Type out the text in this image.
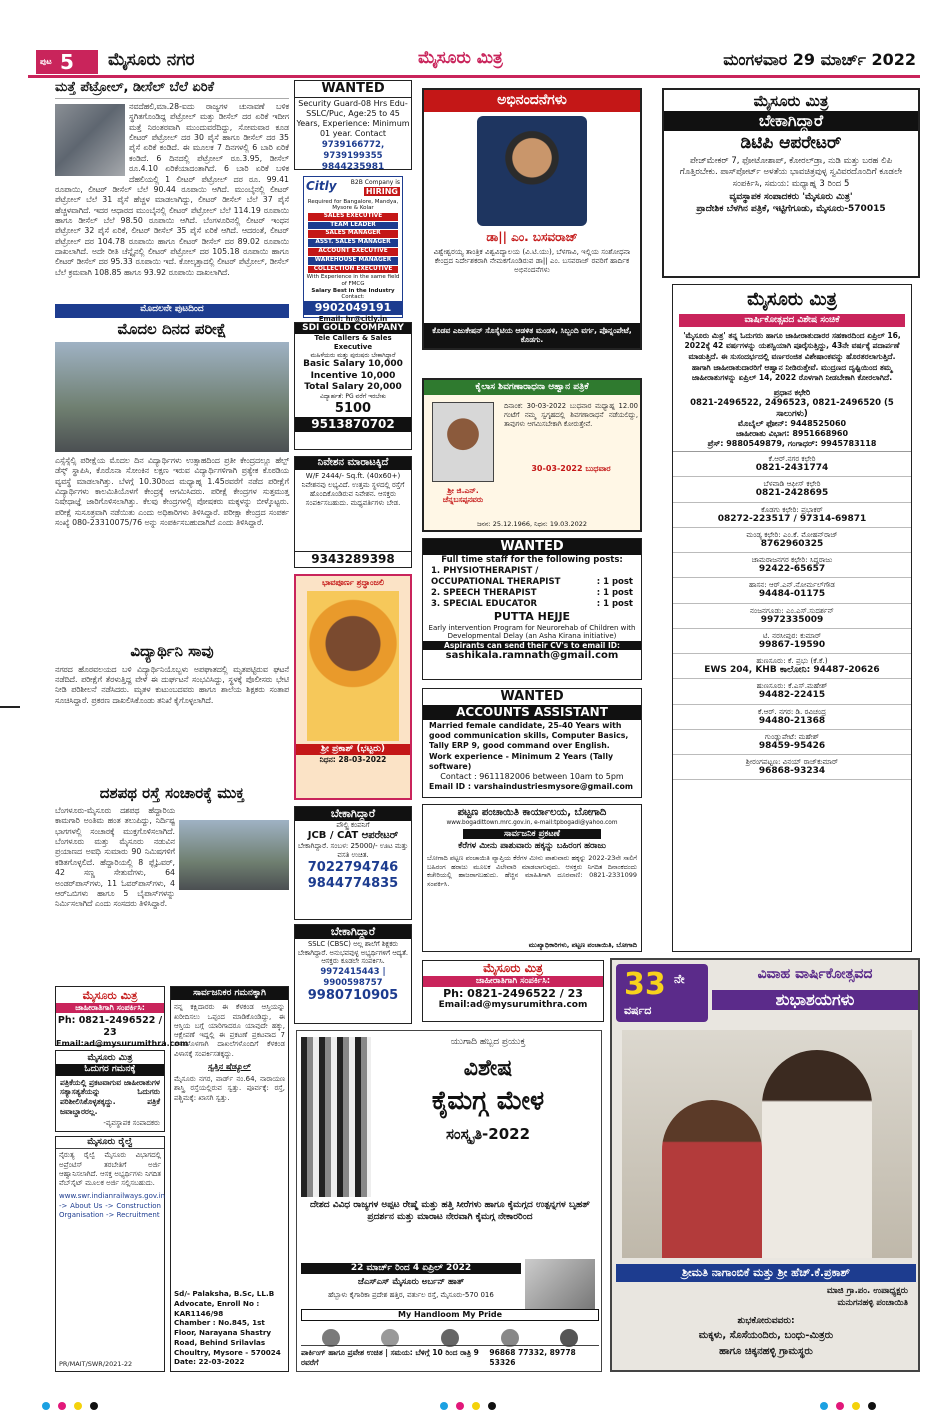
ಪುಟ 5 ಮೈಸೂರು ನಗರ	ಮೈಸೂರು ಮಿತ್ರ	ಮಂಗಳವಾರ 29 ಮಾರ್ಚ್ 2022
ಮತ್ತೆ ಪೆಟ್ರೋಲ್, ಡೀಸೆಲ್ ಬೆಲೆ ಏರಿಕೆ
ನವದೆಹಲಿ,ಮಾ.28-ಐದು ರಾಜ್ಯಗಳ ಚುನಾವಣೆ ಬಳಿಕ ಸ್ಥಗಿತಗೊಂಡಿದ್ದ ಪೆಟ್ರೋಲ್ ಮತ್ತು ಡೀಸೆಲ್ ದರ ಏರಿಕೆ ಇದೀಗ ಮತ್ತೆ ನಿರಂತರವಾಗಿ ಮುಂದುವರೆದಿದ್ದು, ಸೋಮವಾರ ಕೂಡ ಲೀಟರ್ ಪೆಟ್ರೋಲ್ ದರ 30 ಪೈಸೆ ಹಾಗೂ ಡೀಸೆಲ್ ದರ 35 ಪೈಸೆ ಏರಿಕೆ ಕಂಡಿದೆ. ಈ ಮೂಲಕ 7 ದಿನಗಳಲ್ಲಿ 6 ಬಾರಿ ಏರಿಕೆ ಕಂಡಿದೆ. 6 ದಿನದಲ್ಲಿ ಪೆಟ್ರೋಲ್ ರೂ.3.95, ಡೀಸೆಲ್ ರೂ.4.10 ಏರಿಕೆಯಾದಂತಾಗಿದೆ. 6 ಬಾರಿ ಏರಿಕೆ ಬಳಿಕ ದೆಹಲಿಯಲ್ಲಿ 1 ಲೀಟರ್ ಪೆಟ್ರೋಲ್ ದರ ರೂ. 99.41 ರೂಪಾಯಿ, ಲೀಟರ್ ಡೀಸೆಲ್ ಬೆಲೆ 90.44 ರೂಪಾಯಿ ಆಗಿದೆ. ಮುಂಬೈನಲ್ಲಿ ಲೀಟರ್ ಪೆಟ್ರೋಲ್ ಬೆಲೆ 31 ಪೈಸೆ ಹೆಚ್ಚಳ ಮಾಡಲಾಗಿದ್ದು, ಲೀಟರ್ ಡೀಸೆಲ್ ಬೆಲೆ 37 ಪೈಸೆ ಹೆಚ್ಚಳವಾಗಿದೆ. ಇದರ ಆಧಾರದ ಮುಂಬೈನಲ್ಲಿ ಲೀಟರ್ ಪೆಟ್ರೋಲ್ ಬೆಲೆ 114.19 ರೂಪಾಯಿ ಹಾಗೂ ಡೀಸೆಲ್ ಬೆಲೆ 98.50 ರೂಪಾಯಿ ಆಗಿದೆ. ಬೆಂಗಳೂರಿನಲ್ಲಿ ಲೀಟರ್ ಇಂಧನ ಪೆಟ್ರೋಲ್ 32 ಪೈಸೆ ಏರಿಕೆ, ಲೀಟರ್ ಡೀಸೆಲ್ 35 ಪೈಸೆ ಏರಿಕೆ ಆಗಿದೆ. ಆದರಂತೆ, ಲೀಟರ್ ಪೆಟ್ರೋಲ್ ದರ 104.78 ರೂಪಾಯಿ ಹಾಗೂ ಲೀಟರ್ ಡೀಸೆಲ್ ದರ 89.02 ರೂಪಾಯಿ ದಾಖಲಾಗಿದೆ. ಅದೇ ರೀತಿ ಚೆನ್ನೈನಲ್ಲಿ ಲೀಟರ್ ಪೆಟ್ರೋಲ್ ದರ 105.18 ರೂಪಾಯಿ ಹಾಗೂ ಲೀಟರ್ ಡೀಸೆಲ್ ದರ 95.33 ರೂಪಾಯಿ ಇದೆ. ಕೋಲ್ಕತ್ತಾದಲ್ಲಿ ಲೀಟರ್ ಪೆಟ್ರೋಲ್, ಡೀಸೆಲ್ ಬೆಲೆ ಕ್ರಮವಾಗಿ 108.85 ಹಾಗೂ 93.92 ರೂಪಾಯಿ ದಾಖಲಾಗಿದೆ.
ಮೊದಲನೇ ಪುಟದಿಂದ
ಮೊದಲ ದಿನದ ಪರೀಕ್ಷೆ
ಎಸ್ಸೆಸ್ಸೆಲ್ಸಿ ಪರೀಕ್ಷೆಯ ಮೊದಲ ದಿನ ವಿದ್ಯಾರ್ಥಿಗಳು ಉತ್ಸಾಹದಿಂದ ಪ್ರತೀ ಕೇಂದ್ರದಲ್ಲೂ ಹೆಲ್ಪ್ ಡೆಸ್ಕ್ ಸ್ಥಾಪಿಸಿ, ಕೊರೊನಾ ಸೋಂಕಿನ ಲಕ್ಷಣ ಇರುವ ವಿದ್ಯಾರ್ಥಿಗಳಿಗಾಗಿ ಪ್ರತ್ಯೇಕ ಕೊಠಡಿಯ ವ್ಯವಸ್ಥೆ ಮಾಡಲಾಗಿತ್ತು. ಬೆಳಗ್ಗೆ 10.30ರಿಂದ ಮಧ್ಯಾಹ್ನ 1.45ರವರೆಗೆ ನಡೆದ ಪರೀಕ್ಷೆಗೆ ವಿದ್ಯಾರ್ಥಿಗಳು ಕಾಲಮಿತಿಯೊಳಗೆ ಕೇಂದ್ರಕ್ಕೆ ಆಗಮಿಸಿದರು. ಪರೀಕ್ಷೆ ಕೇಂದ್ರಗಳ ಸುತ್ತಮುತ್ತ ನಿಷೇಧಾಜ್ಞೆ ಜಾರಿಗೊಳಿಸಲಾಗಿತ್ತು. ಕೆಲವು ಕೇಂದ್ರಗಳಲ್ಲಿ ಪೋಷಕರು ಮಕ್ಕಳನ್ನು ಬೀಳ್ಕೊಟ್ಟರು. ಪರೀಕ್ಷೆ ಸುಸೂತ್ರವಾಗಿ ನಡೆಯಿತು ಎಂದು ಅಧಿಕಾರಿಗಳು ತಿಳಿಸಿದ್ದಾರೆ. ಪರೀಕ್ಷಾ ಕೇಂದ್ರದ ಸಂಪರ್ಕ ಸಂಖ್ಯೆ 080-23310075/76 ಅನ್ನು ಸಂಪರ್ಕಿಸಬಹುದಾಗಿದೆ ಎಂದು ತಿಳಿಸಿದ್ದಾರೆ.
ವಿದ್ಯಾರ್ಥಿನಿ ಸಾವು
ನಗರದ ಹೊರವಲಯದ ಬಳಿ ವಿದ್ಯಾರ್ಥಿನಿಯೊಬ್ಬಳು ಅಪಘಾತದಲ್ಲಿ ಮೃತಪಟ್ಟಿರುವ ಘಟನೆ ನಡೆದಿದೆ. ಪರೀಕ್ಷೆಗೆ ತೆರಳುತ್ತಿದ್ದ ವೇಳೆ ಈ ದುರ್ಘಟನೆ ಸಂಭವಿಸಿದ್ದು, ಸ್ಥಳಕ್ಕೆ ಪೊಲೀಸರು ಭೇಟಿ ನೀಡಿ ಪರಿಶೀಲನೆ ನಡೆಸಿದರು. ಮೃತಳ ಕುಟುಂಬದವರು ಹಾಗೂ ಶಾಲೆಯ ಶಿಕ್ಷಕರು ಸಂತಾಪ ಸೂಚಿಸಿದ್ದಾರೆ. ಪ್ರಕರಣ ದಾಖಲಿಸಿಕೊಂಡು ತನಿಖೆ ಕೈಗೊಳ್ಳಲಾಗಿದೆ.
ದಶಪಥ ರಸ್ತೆ ಸಂಚಾರಕ್ಕೆ ಮುಕ್ತ
ಬೆಂಗಳೂರು-ಮೈಸೂರು ದಶಪಥ ಹೆದ್ದಾರಿಯ ಕಾಮಗಾರಿ ಅಂತಿಮ ಹಂತ ತಲುಪಿದ್ದು, ನಿರ್ದಿಷ್ಟ ಭಾಗಗಳಲ್ಲಿ ಸಂಚಾರಕ್ಕೆ ಮುಕ್ತಗೊಳಿಸಲಾಗಿದೆ. ಬೆಂಗಳೂರು ಮತ್ತು ಮೈಸೂರು ನಡುವಿನ ಪ್ರಯಾಣದ ಅವಧಿ ಸುಮಾರು 90 ನಿಮಿಷಗಳಿಗೆ ಕಡಿತಗೊಳ್ಳಲಿದೆ. ಹೆದ್ದಾರಿಯಲ್ಲಿ 8 ಫ್ಲೈಓವರ್, 42 ಸಣ್ಣ ಸೇತುವೆಗಳು, 64 ಅಂಡರ್‌ಪಾಸ್‌ಗಳು, 11 ಓವರ್‌ಪಾಸ್‌ಗಳು, 4 ಆರ್‌ಒಬಿಗಳು ಹಾಗೂ 5 ಬೈಪಾಸ್‌ಗಳನ್ನು ನಿರ್ಮಿಸಲಾಗಿದೆ ಎಂದು ಸಂಸದರು ತಿಳಿಸಿದ್ದಾರೆ.
ಮೈಸೂರು ಮಿತ್ರ
ಜಾಹೀರಾತಿಗಾಗಿ ಸಂಪರ್ಕಿಸಿ:
Ph: 0821-2496522 / 23
Email:ad@mysurumithra.com
ಮೈಸೂರು ಮಿತ್ರ
ಓದುಗರ ಗಮನಕ್ಕೆ
ಪತ್ರಿಕೆಯಲ್ಲಿ ಪ್ರಕಟವಾಗುವ ಜಾಹೀರಾತುಗಳ ಸತ್ಯಾಸತ್ಯತೆಯನ್ನು ಓದುಗರು ಪರಿಶೀಲಿಸಿಕೊಳ್ಳತಕ್ಕದ್ದು. ಪತ್ರಿಕೆ ಜವಾಬ್ದಾರರಲ್ಲ.
-ವ್ಯವಸ್ಥಾಪಕ ಸಂಪಾದಕರು
ಮೈಸೂರು ರೈಲ್ವೆ
ನೈರುತ್ಯ ರೈಲ್ವೆ ಮೈಸೂರು ವಿಭಾಗದಲ್ಲಿ ಅಪ್ರೆಂಟಿಸ್ ತರಬೇತಿಗೆ ಅರ್ಜಿ ಆಹ್ವಾನಿಸಲಾಗಿದೆ. ಆಸಕ್ತ ಅಭ್ಯರ್ಥಿಗಳು ನಿಗದಿತ ವೆಬ್‌ಸೈಟ್ ಮೂಲಕ ಅರ್ಜಿ ಸಲ್ಲಿಸಬಹುದು.
www.swr.indianrailways.gov.in -> About Us -> Construction Organisation -> Recruitment
PR/MAIT/SWR/2021-22
ಸಾರ್ವಜನಿಕರ ಗಮನಕ್ಕಾಗಿ
ನನ್ನ ಕಕ್ಷಿದಾರರು ಈ ಕೆಳಕಂಡ ಆಸ್ತಿಯನ್ನು ಖರೀದಿಸಲು ಒಪ್ಪಂದ ಮಾಡಿಕೊಂಡಿದ್ದು, ಈ ಆಸ್ತಿಯ ಬಗ್ಗೆ ಯಾರಿಗಾದರೂ ಯಾವುದೇ ಹಕ್ಕು, ಆಕ್ಷೇಪಣೆ ಇದ್ದಲ್ಲಿ ಈ ಪ್ರಕಟಣೆ ಪ್ರಕಟವಾದ 7 ದಿನಗಳೊಳಗಾಗಿ ದಾಖಲೆಗಳೊಂದಿಗೆ ಕೆಳಕಂಡ ವಿಳಾಸಕ್ಕೆ ಸಂಪರ್ಕಿಸತಕ್ಕದ್ದು.
ಸ್ವತ್ತಿನ ಷೆಡ್ಯೂಲ್
ಮೈಸೂರು ನಗರ, ವಾರ್ಡ್ ನಂ.64, ನಾರಾಯಣ ಶಾಸ್ತ್ರಿ ರಸ್ತೆಯಲ್ಲಿರುವ ಸ್ವತ್ತು. ಪೂರ್ವಕ್ಕೆ: ರಸ್ತೆ, ಪಶ್ಚಿಮಕ್ಕೆ: ಖಾಸಗಿ ಸ್ವತ್ತು.
Sd/- Palaksha, B.Sc, LL.B
Advocate, Enroll No : KAR1146/98
Chamber : No.845, 1st Floor, Narayana Shastry Road, Behind Srilavlas Choultry, Mysore - 570024
Date: 22-03-2022
WANTED
Security Guard-08 Hrs Edu-SSLC/Puc, Age:25 to 45 Years, Experience: Minimum 01 year. Contact
9739166772, 9739199355
9844235981
Citly B2B Company is
HIRING
Required for Bangalore, Mandya, Mysore & Kolar
SALES EXECUTIVE
TEAM LEADER
SALES MANAGER
ASST. SALES MANAGER
ACCOUNT EXECUTIVE
WAREHOUSE MANAGER
COLLECTION EXECUTIVE
With Experience in the same field of FMCG
Salary Best in the Industry
Contact:
9902049191
Email: hr@citly.in
SDI GOLD COMPANY
Tele Callers & Sales Executive
ಮಹಿಳೆಯರು ಮತ್ತು ಪುರುಷರು ಬೇಕಾಗಿದ್ದಾರೆ
Basic Salary 10,000
Incentive 10,000
Total Salary 20,000
ವಿದ್ಯಾರ್ಹತೆ: PG ವರೆಗೆ ಇರಬೇಕು
5100
9513870702
ನಿವೇಶನ ಮಾರಾಟಕ್ಕಿದೆ
W/F 2444/- Sq.ft. (40x60+) ನಿವೇಶನವು ಲಭ್ಯವಿದೆ. ಉತ್ತಮ ಸ್ಥಳದಲ್ಲಿ ರಸ್ತೆಗೆ ಹೊಂದಿಕೊಂಡಿರುವ ನಿವೇಶನ. ಆಸಕ್ತರು ಸಂಪರ್ಕಿಸಬಹುದು. ಮಧ್ಯವರ್ತಿಗಳು ಬೇಡ.
9343289398
ಭಾವಪೂರ್ಣ ಶ್ರದ್ಧಾಂಜಲಿ
ಶ್ರೀ ಪ್ರಕಾಶ್ (ಭಟ್ಟರು)
ನಿಧನ: 28-03-2022
ಬೇಕಾಗಿದ್ದಾರೆ
ಪೌಲ್ಟ್ರಿ ಕಂಪನಿಗೆ
JCB / CAT ಆಪರೇಟರ್
ಬೇಕಾಗಿದ್ದಾರೆ. ಸಂಬಳ: 25000/- ಊಟ ಮತ್ತು ವಸತಿ ಉಚಿತ.
7022794746
9844774835
ಬೇಕಾಗಿದ್ದಾರೆ
SSLC (CBSC) ಅಲ್ಲ ಶಾಲೆಗೆ ಶಿಕ್ಷಕರು ಬೇಕಾಗಿದ್ದಾರೆ. ಅನುಭವವುಳ್ಳ ಅಭ್ಯರ್ಥಿಗಳಿಗೆ ಆದ್ಯತೆ. ಆಸಕ್ತರು ಕೂಡಲೇ ಸಂಪರ್ಕಿಸಿ.
9972415443 | 9900598757
9980710905
ಅಭಿನಂದನೆಗಳು
ಡಾ|| ಎಂ. ಬಸವರಾಜ್
ವಿಶ್ವೇಶ್ವರಯ್ಯ ತಾಂತ್ರಿಕ ವಿಶ್ವವಿದ್ಯಾಲಯ (ವಿ.ಟಿ.ಯು), ಬೆಳಗಾವಿ, ಇಲ್ಲಿಯ ಸಂಶೋಧನಾ ಕೇಂದ್ರದ ನಿರ್ದೇಶಕರಾಗಿ ನೇಮಕಗೊಂಡಿರುವ ಡಾ|| ಎಂ. ಬಸವರಾಜ್ ರವರಿಗೆ ಹಾರ್ದಿಕ ಅಭಿನಂದನೆಗಳು
ಕೊಡವ ಎಜುಕೇಷನ್ ಸೊಸೈಟಿಯ ಆಡಳಿತ ಮಂಡಳಿ, ಸಿಬ್ಬಂದಿ ವರ್ಗ, ಪೊನ್ನಂಪೇಟೆ, ಕೊಡಗು.
ಕೈಲಾಸ ಶಿವಗಣಾರಾಧನಾ ಆಹ್ವಾನ ಪತ್ರಿಕೆ
ಶ್ರೀ ಜಿ.ಎನ್. ಚೆನ್ನಬಸಪ್ಪನವರು
ದಿನಾಂಕ: 30-03-2022 ಬುಧವಾರ ಮಧ್ಯಾಹ್ನ 12.00 ಗಂಟೆಗೆ ನಮ್ಮ ಸ್ವಗೃಹದಲ್ಲಿ ಶಿವಗಣಾರಾಧನೆ ನಡೆಯಲಿದ್ದು, ತಾವುಗಳು ಆಗಮಿಸಬೇಕಾಗಿ ಕೋರುತ್ತೇವೆ.
30-03-2022 ಬುಧವಾರ
ಜನನ: 25.12.1966, ನಿಧನ: 19.03.2022
WANTED
Full time staff for the following posts:
1. PHYSIOTHERAPIST /
OCCUPATIONAL THERAPIST	: 1 post
2. SPEECH THERAPIST	: 1 post
3. SPECIAL EDUCATOR	: 1 post
PUTTA HEJJE
Early intervention Program for Neurorehab of Children with Developmental Delay (an Asha Kirana initiative)
Aspirants can send their CV's to email ID:
sashikala.ramnath@gmail.com
WANTED
ACCOUNTS ASSISTANT
Married female candidate, 25-40 Years with good communication skills, Computer Basics, Tally ERP 9, good command over English.
Work experience - Minimum 2 Years (Tally software)
Contact : 9611182006 between 10am to 5pm
Email ID : varshaindustriesmysore@gmail.com
ಪಟ್ಟಣ ಪಂಚಾಯಿತಿ ಕಾರ್ಯಾಲಯ, ಬೋಗಾದಿ
www.bogadittown.mrc.gov.in, e-mail:tpbogadi@yahoo.com
ಸಾರ್ವಜನಿಕ ಪ್ರಕಟಣೆ
ಕೆರೆಗಳ ಮೀನು ಪಾಶುವಾರು ಹಕ್ಕನ್ನು ಬಹಿರಂಗ ಹರಾಜು
ಬೋಗಾದಿ ಪಟ್ಟಣ ಪಂಚಾಯಿತಿ ವ್ಯಾಪ್ತಿಯ ಕೆರೆಗಳ ಮೀನು ಪಾಶುವಾರು ಹಕ್ಕನ್ನು 2022-23ನೇ ಸಾಲಿಗೆ ಬಹಿರಂಗ ಹರಾಜು ಮೂಲಕ ವಿಲೇವಾರಿ ಮಾಡಲಾಗುವುದು. ಆಸಕ್ತರು ನಿಗದಿತ ದಿನಾಂಕದಂದು ಕಚೇರಿಯಲ್ಲಿ ಹಾಜರಾಗಬಹುದು. ಹೆಚ್ಚಿನ ಮಾಹಿತಿಗಾಗಿ ದೂರವಾಣಿ: 0821-2331099 ಸಂಪರ್ಕಿಸಿ.
ಮುಖ್ಯಾಧಿಕಾರಿಗಳು, ಪಟ್ಟಣ ಪಂಚಾಯಿತಿ, ಬೋಗಾದಿ
ಮೈಸೂರು ಮಿತ್ರ
ಜಾಹೀರಾತಿಗಾಗಿ ಸಂಪರ್ಕಿಸಿ:
Ph: 0821-2496522 / 23
Email:ad@mysurumithra.com
ಯುಗಾದಿ ಹಬ್ಬದ ಪ್ರಯುಕ್ತ
ವಿಶೇಷ
ಕೈಮಗ್ಗ ಮೇಳ
ಸಂಸ್ಕೃತಿ-2022
ದೇಶದ ವಿವಿಧ ರಾಜ್ಯಗಳ ಅಪ್ಪಟ ರೇಷ್ಮೆ ಮತ್ತು ಹತ್ತಿ ಸೀರೆಗಳು ಹಾಗೂ ಕೈಮಗ್ಗದ ಉತ್ಪನ್ನಗಳ ಬೃಹತ್ ಪ್ರದರ್ಶನ ಮತ್ತು ಮಾರಾಟ ನೇರವಾಗಿ ಕೈಮಗ್ಗ ನೇಕಾರರಿಂದ
22 ಮಾರ್ಚ್ ರಿಂದ 4 ಏಪ್ರಿಲ್ 2022
ಜೆಎಸ್‌ಎಸ್ ಮೈಸೂರು ಅರ್ಬನ್ ಹಾತ್
ಹೆಬ್ಬಾಳು ಕೈಗಾರಿಕಾ ಪ್ರದೇಶ ಹತ್ತಿರ, ವರ್ತುಲ ರಸ್ತೆ, ಮೈಸೂರು-570 016
My Handloom My Pride
ಪಾರ್ಕಿಂಗ್ ಹಾಗೂ ಪ್ರವೇಶ ಉಚಿತ | ಸಮಯ: ಬೆಳಿಗ್ಗೆ 10 ರಿಂದ ರಾತ್ರಿ 9 ರವರೆಗೆ
96868 77332, 89778 53326
ಮೈಸೂರು ಮಿತ್ರ
ಬೇಕಾಗಿದ್ದಾರೆ
ಡಿಟಿಪಿ ಆಪರೇಟರ್
ಪೇಜ್‌ಮೇಕರ್ 7, ಫೋಟೋಶಾಪ್, ಕೋರಲ್‌ಡ್ರಾ, ನುಡಿ ಮತ್ತು ಬರಹ ಲಿಪಿ ಗೊತ್ತಿರಬೇಕು. ಪಾಸ್‌ಪೋರ್ಟ್ ಅಳತೆಯ ಭಾವಚಿತ್ರವುಳ್ಳ ಸ್ವವಿವರದೊಂದಿಗೆ ಕೂಡಲೇ ಸಂಪರ್ಕಿಸಿ, ಸಮಯ: ಮಧ್ಯಾಹ್ನ 3 ರಿಂದ 5
ವ್ಯವಸ್ಥಾಪಕ ಸಂಪಾದಕರು 'ಮೈಸೂರು ಮಿತ್ರ'
ಪ್ರಾದೇಶಿಕ ಬೆಳಗಿನ ಪತ್ರಿಕೆ, ಇಟ್ಟಿಗೆಗೂಡು, ಮೈಸೂರು-570015
ಮೈಸೂರು ಮಿತ್ರ
ವಾರ್ಷಿಕೋತ್ಸವದ ವಿಶೇಷ ಸಂಚಿಕೆ
'ಮೈಸೂರು ಮಿತ್ರ' ತನ್ನ ಓದುಗರು ಹಾಗೂ ಜಾಹೀರಾತುದಾರರ ಸಹಕಾರದಿಂದ ಏಪ್ರಿಲ್ 16, 2022ಕ್ಕೆ 42 ವರ್ಷಗಳನ್ನು ಯಶಸ್ವಿಯಾಗಿ ಪೂರೈಸುತ್ತಿದ್ದು, 43ನೇ ವರ್ಷಕ್ಕೆ ಪದಾರ್ಪಣೆ ಮಾಡುತ್ತಿದೆ. ಈ ಸುಸಂದರ್ಭದಲ್ಲಿ ವರ್ಣರಂಜಿತ ವಿಶೇಷಾಂಕವನ್ನು ಹೊರತರಲಾಗುತ್ತಿದೆ. ಹಾಗಾಗಿ ಜಾಹೀರಾತುದಾರರಿಗೆ ಆಹ್ವಾನ ನೀಡಿರುತ್ತೇವೆ. ಮುದ್ರಣದ ದೃಷ್ಟಿಯಿಂದ ತಮ್ಮ ಜಾಹೀರಾತುಗಳನ್ನು ಏಪ್ರಿಲ್ 14, 2022 ರೊಳಗಾಗಿ ನೀಡಬೇಕಾಗಿ ಕೋರಲಾಗಿದೆ.
ಪ್ರಧಾನ ಕಛೇರಿ
0821-2496522, 2496523, 0821-2496520 (5 ಸಾಲುಗಳು)
ಮೊಬೈಲ್ ಫೋನ್: 9448525060
ಜಾಹೀರಾತು ವಿಭಾಗ: 8951668960
ಪ್ರೆಸ್: 9880549879, ಗಂಗಾಧರ್: 9945783118
ಕೆ.ಆರ್.ನಗರ ಕಛೇರಿ
0821-2431774
ಬೆಳವಾಡಿ ಆಫೀಸ್ ಕಛೇರಿ
0821-2428695
ಕೊಡಗು ಕಛೇರಿ: ಪ್ರಭಾಕರ್
08272-223517 / 97314-69871
ಮಂಡ್ಯ ಕಛೇರಿ: ಎಂ.ಕೆ. ಮೋಹನ್‌ರಾಜ್
8762960325
ಚಾಮರಾಜನಗರ ಕಛೇರಿ: ಸಿದ್ದರಾಜು
92422-65657
ಹಾಸನ: ಆರ್.ಎನ್.ನೋರ್ಮಲ್‌ಗೌಡ
94484-01175
ನಂಜನಗೂಡು: ಎಂ.ಎಸ್.ಸುದರ್ಶನ್
9972335009
ಟಿ. ನರಸೀಪುರ: ಕುಮಾರ್
99867-19590
ಹುಣಸೂರು: ಕೆ. ಪ್ರಭು (ಕೆ.ಕೆ.)
EWS 204, KHB ಕಾಲೋನಿ: 94487-20626
ಹುಣಸೂರು: ಕೆ.ಎಸ್.ಮಹೇಶ್
94482-22415
ಕೆ.ಆರ್. ನಗರ: ಡಿ. ರವಿಚಂದ್ರ
94480-21368
ಗುಂಡ್ಲುಪೇಟೆ: ಮಹೇಶ್
98459-95426
ಶ್ರೀರಂಗಪಟ್ಟಣ: ವಿನಯ್ ರಾಜ್‌ಕುಮಾರ್
96868-93234
33 ನೇ
ವರ್ಷದ
ವಿವಾಹ ವಾರ್ಷಿಕೋತ್ಸವದ
ಶುಭಾಶಯಗಳು
ಶ್ರೀಮತಿ ನಾಗಾಂಬಿಕೆ ಮತ್ತು ಶ್ರೀ ಹೆಚ್.ಕೆ.ಪ್ರಕಾಶ್
ಮಾಜಿ ಗ್ರಾ.ಪಂ. ಉಪಾಧ್ಯಕ್ಷರು
ಮನುಗನಹಳ್ಳಿ ಪಂಚಾಯಿತಿ
ಶುಭಕೋರುವವರು:
ಮಕ್ಕಳು, ಸೊಸೆಯಂದಿರು, ಬಂಧು-ಮಿತ್ರರು
ಹಾಗೂ ಚಿಕ್ಕನಹಳ್ಳಿ ಗ್ರಾಮಸ್ಥರು
